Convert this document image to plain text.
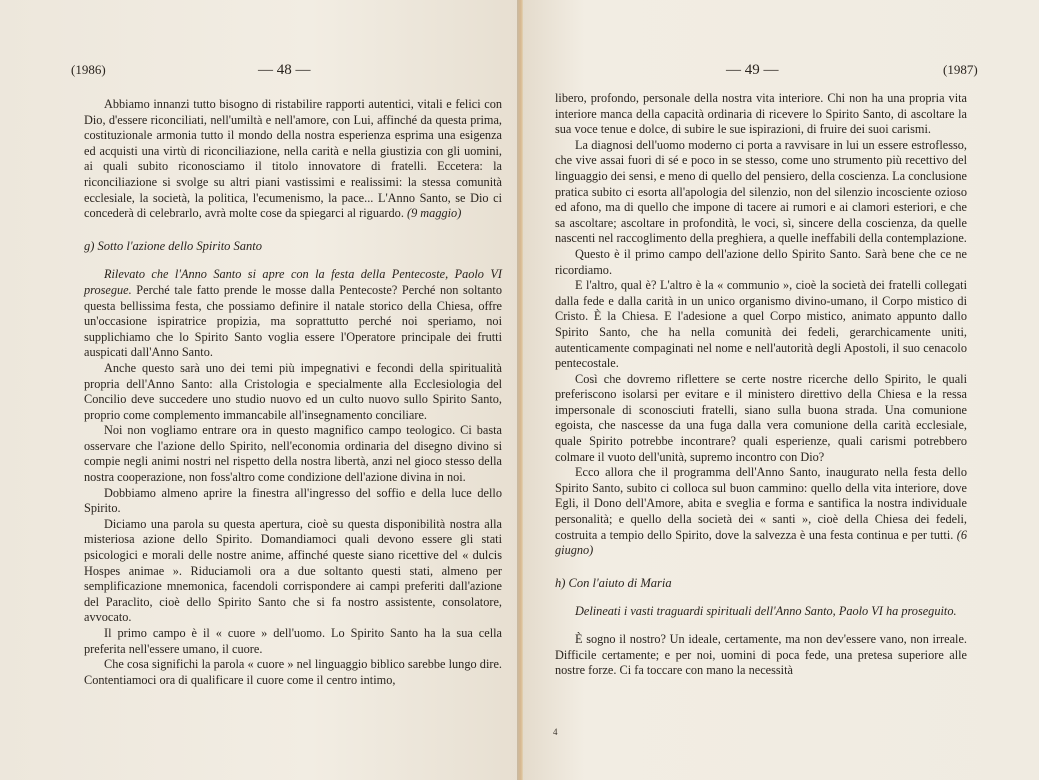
(1986)	— 48 —

Abbiamo innanzi tutto bisogno di ristabilire rapporti autentici, vitali e felici con Dio, d'essere riconciliati, nell'umiltà e nell'amore, con Lui, affinché da questa prima, costituzionale armonia tutto il mondo della nostra esperienza esprima una esigenza ed acquisti una virtù di riconciliazione, nella carità e nella giustizia con gli uomini, ai quali subito riconosciamo il titolo innovatore di fratelli. Eccetera: la riconciliazione si svolge su altri piani vastissimi e realissimi: la stessa comunità ecclesiale, la società, la politica, l'ecumenismo, la pace... L'Anno Santo, se Dio ci concederà di celebrarlo, avrà molte cose da spiegarci al riguardo. (9 maggio)

g) Sotto l'azione dello Spirito Santo

Rilevato che l'Anno Santo si apre con la festa della Pentecoste, Paolo VI prosegue. Perché tale fatto prende le mosse dalla Pentecoste? Perché non soltanto questa bellissima festa, che possiamo definire il natale storico della Chiesa, offre un'occasione ispiratrice propizia, ma soprattutto perché noi speriamo, noi supplichiamo che lo Spirito Santo voglia essere l'Operatore principale dei frutti auspicati dall'Anno Santo.

Anche questo sarà uno dei temi più impegnativi e fecondi della spiritualità propria dell'Anno Santo: alla Cristologia e specialmente alla Ecclesiologia del Concilio deve succedere uno studio nuovo ed un culto nuovo sullo Spirito Santo, proprio come complemento immancabile all'insegnamento conciliare.

Noi non vogliamo entrare ora in questo magnifico campo teologico. Ci basta osservare che l'azione dello Spirito, nell'economia ordinaria del disegno divino si compie negli animi nostri nel rispetto della nostra libertà, anzi nel gioco stesso della nostra cooperazione, non foss'altro come condizione dell'azione divina in noi.

Dobbiamo almeno aprire la finestra all'ingresso del soffio e della luce dello Spirito.

Diciamo una parola su questa apertura, cioè su questa disponibilità nostra alla misteriosa azione dello Spirito. Domandiamoci quali devono essere gli stati psicologici e morali delle nostre anime, affinché queste siano ricettive del « dulcis Hospes animae ». Riduciamoli ora a due soltanto questi stati, almeno per semplificazione mnemonica, facendoli corrispondere ai campi preferiti dall'azione del Paraclito, cioè dello Spirito Santo che si fa nostro assistente, consolatore, avvocato.

Il primo campo è il « cuore » dell'uomo. Lo Spirito Santo ha la sua cella preferita nell'essere umano, il cuore.

Che cosa significhi la parola « cuore » nel linguaggio biblico sarebbe lungo dire. Contentiamoci ora di qualificare il cuore come il centro intimo,

— 49 —	(1987)

libero, profondo, personale della nostra vita interiore. Chi non ha una propria vita interiore manca della capacità ordinaria di ricevere lo Spirito Santo, di ascoltare la sua voce tenue e dolce, di subire le sue ispirazioni, di fruire dei suoi carismi.

La diagnosi dell'uomo moderno ci porta a ravvisare in lui un essere estroflesso, che vive assai fuori di sé e poco in se stesso, come uno strumento più recettivo del linguaggio dei sensi, e meno di quello del pensiero, della coscienza. La conclusione pratica subito ci esorta all'apologia del silenzio, non del silenzio incosciente ozioso ed afono, ma di quello che impone di tacere ai rumori e ai clamori esteriori, e che sa ascoltare; ascoltare in profondità, le voci, sì, sincere della coscienza, da quelle nascenti nel raccoglimento della preghiera, a quelle ineffabili della contemplazione.

Questo è il primo campo dell'azione dello Spirito Santo. Sarà bene che ce ne ricordiamo.

E l'altro, qual è? L'altro è la « communio », cioè la società dei fratelli collegati dalla fede e dalla carità in un unico organismo divino-umano, il Corpo mistico di Cristo. È la Chiesa. E l'adesione a quel Corpo mistico, animato appunto dallo Spirito Santo, che ha nella comunità dei fedeli, gerarchicamente uniti, autenticamente compaginati nel nome e nell'autorità degli Apostoli, il suo cenacolo pentecostale.

Così che dovremo riflettere se certe nostre ricerche dello Spirito, le quali preferiscono isolarsi per evitare e il ministero direttivo della Chiesa e la ressa impersonale di sconosciuti fratelli, siano sulla buona strada. Una comunione egoista, che nascesse da una fuga dalla vera comunione della carità ecclesiale, quale Spirito potrebbe incontrare? quali esperienze, quali carismi potrebbero colmare il vuoto dell'unità, supremo incontro con Dio?

Ecco allora che il programma dell'Anno Santo, inaugurato nella festa dello Spirito Santo, subito ci colloca sul buon cammino: quello della vita interiore, dove Egli, il Dono dell'Amore, abita e sveglia e forma e santifica la nostra individuale personalità; e quello della società dei « santi », cioè della Chiesa dei fedeli, costruita a tempio dello Spirito, dove la salvezza è una festa continua e per tutti. (6 giugno)

h) Con l'aiuto di Maria

Delineati i vasti traguardi spirituali dell'Anno Santo, Paolo VI ha proseguito.

È sogno il nostro? Un ideale, certamente, ma non dev'essere vano, non irreale. Difficile certamente; e per noi, uomini di poca fede, una pretesa superiore alle nostre forze. Ci fa toccare con mano la necessità

4
